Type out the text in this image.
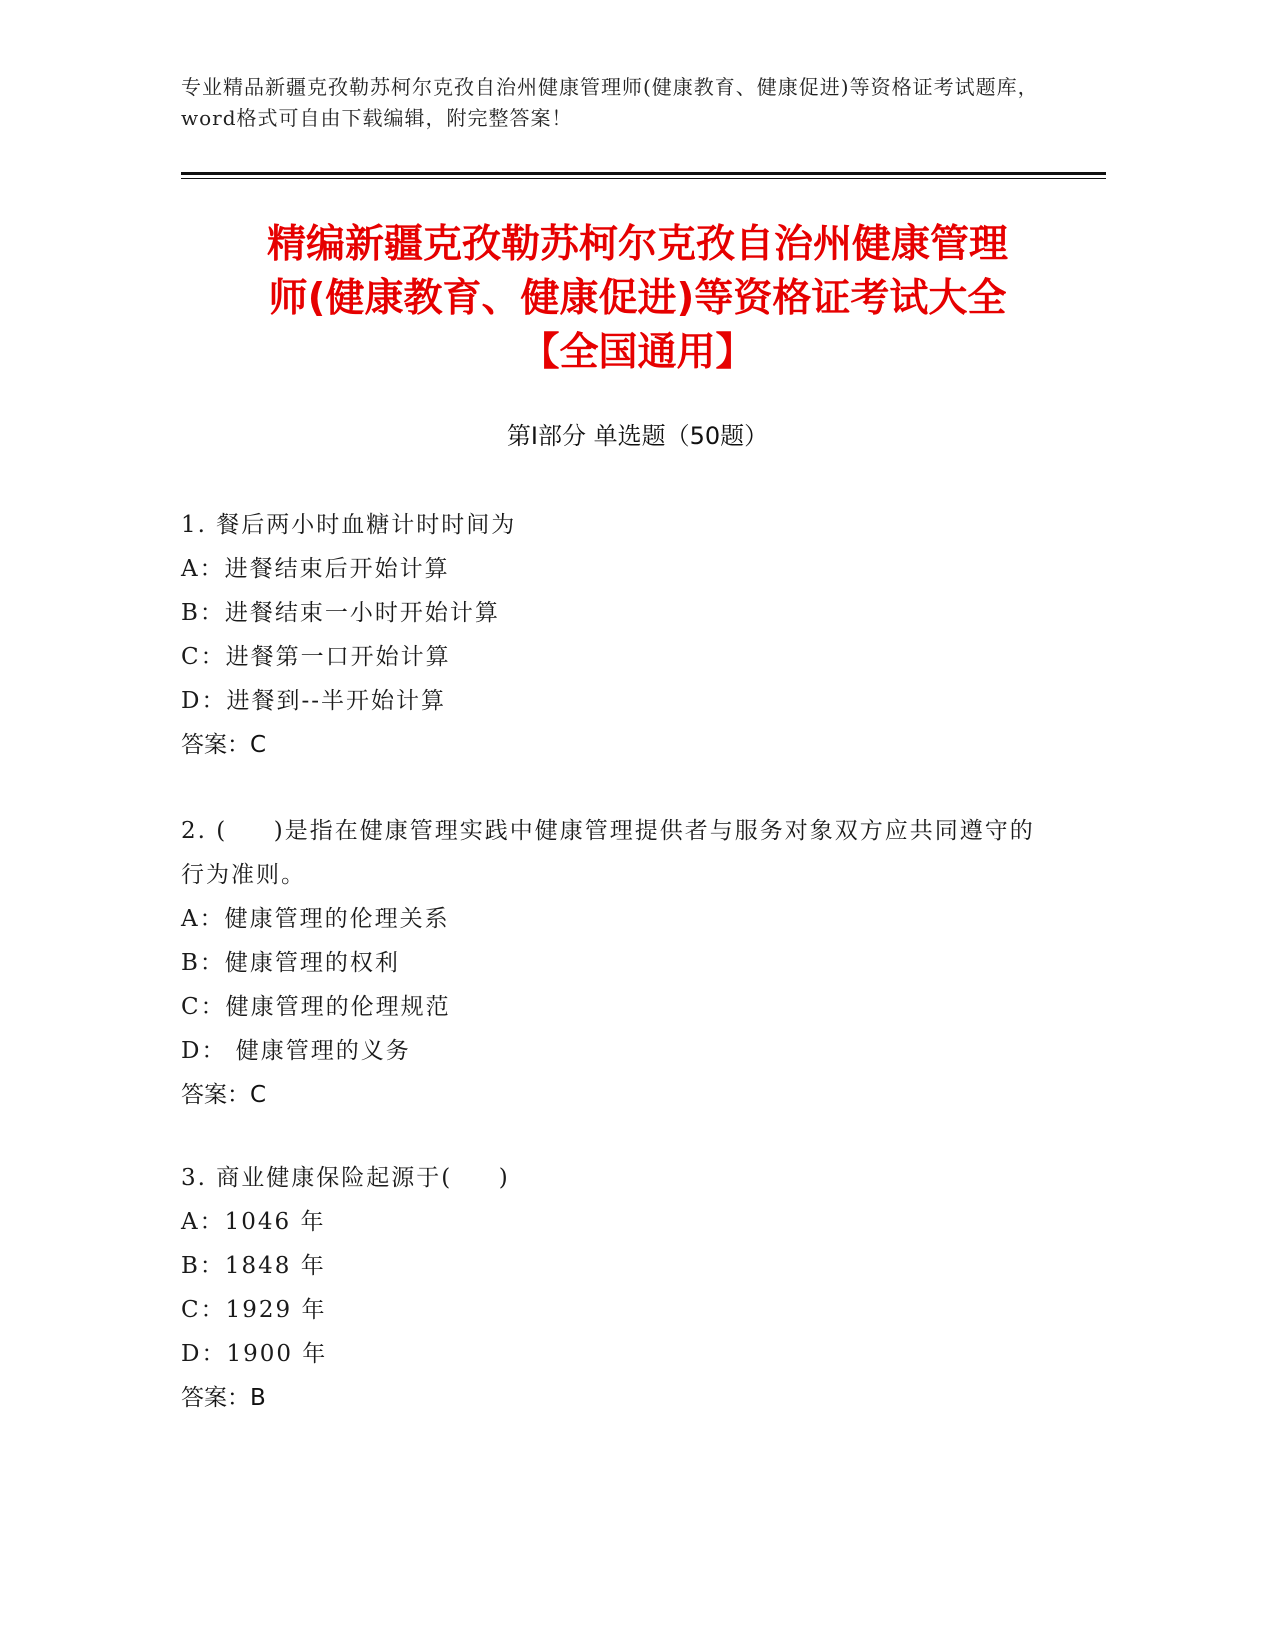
专业精品新疆克孜勒苏柯尔克孜自治州健康管理师(健康教育、健康促进)等资格证考试题库，word格式可自由下载编辑，附完整答案！
精编新疆克孜勒苏柯尔克孜自治州健康管理
师(健康教育、健康促进)等资格证考试大全
【全国通用】
第Ⅰ部分 单选题（50题）
1. 餐后两小时血糖计时时间为
A：进餐结束后开始计算
B：进餐结束一小时开始计算
C：进餐第一口开始计算
D：进餐到--半开始计算
答案：C
2. (     )是指在健康管理实践中健康管理提供者与服务对象双方应共同遵守的行为准则。
A：健康管理的伦理关系
B：健康管理的权利
C：健康管理的伦理规范
D： 健康管理的义务
答案：C
3. 商业健康保险起源于(     )
A：1046 年
B：1848 年
C：1929 年
D：1900 年
答案：B
